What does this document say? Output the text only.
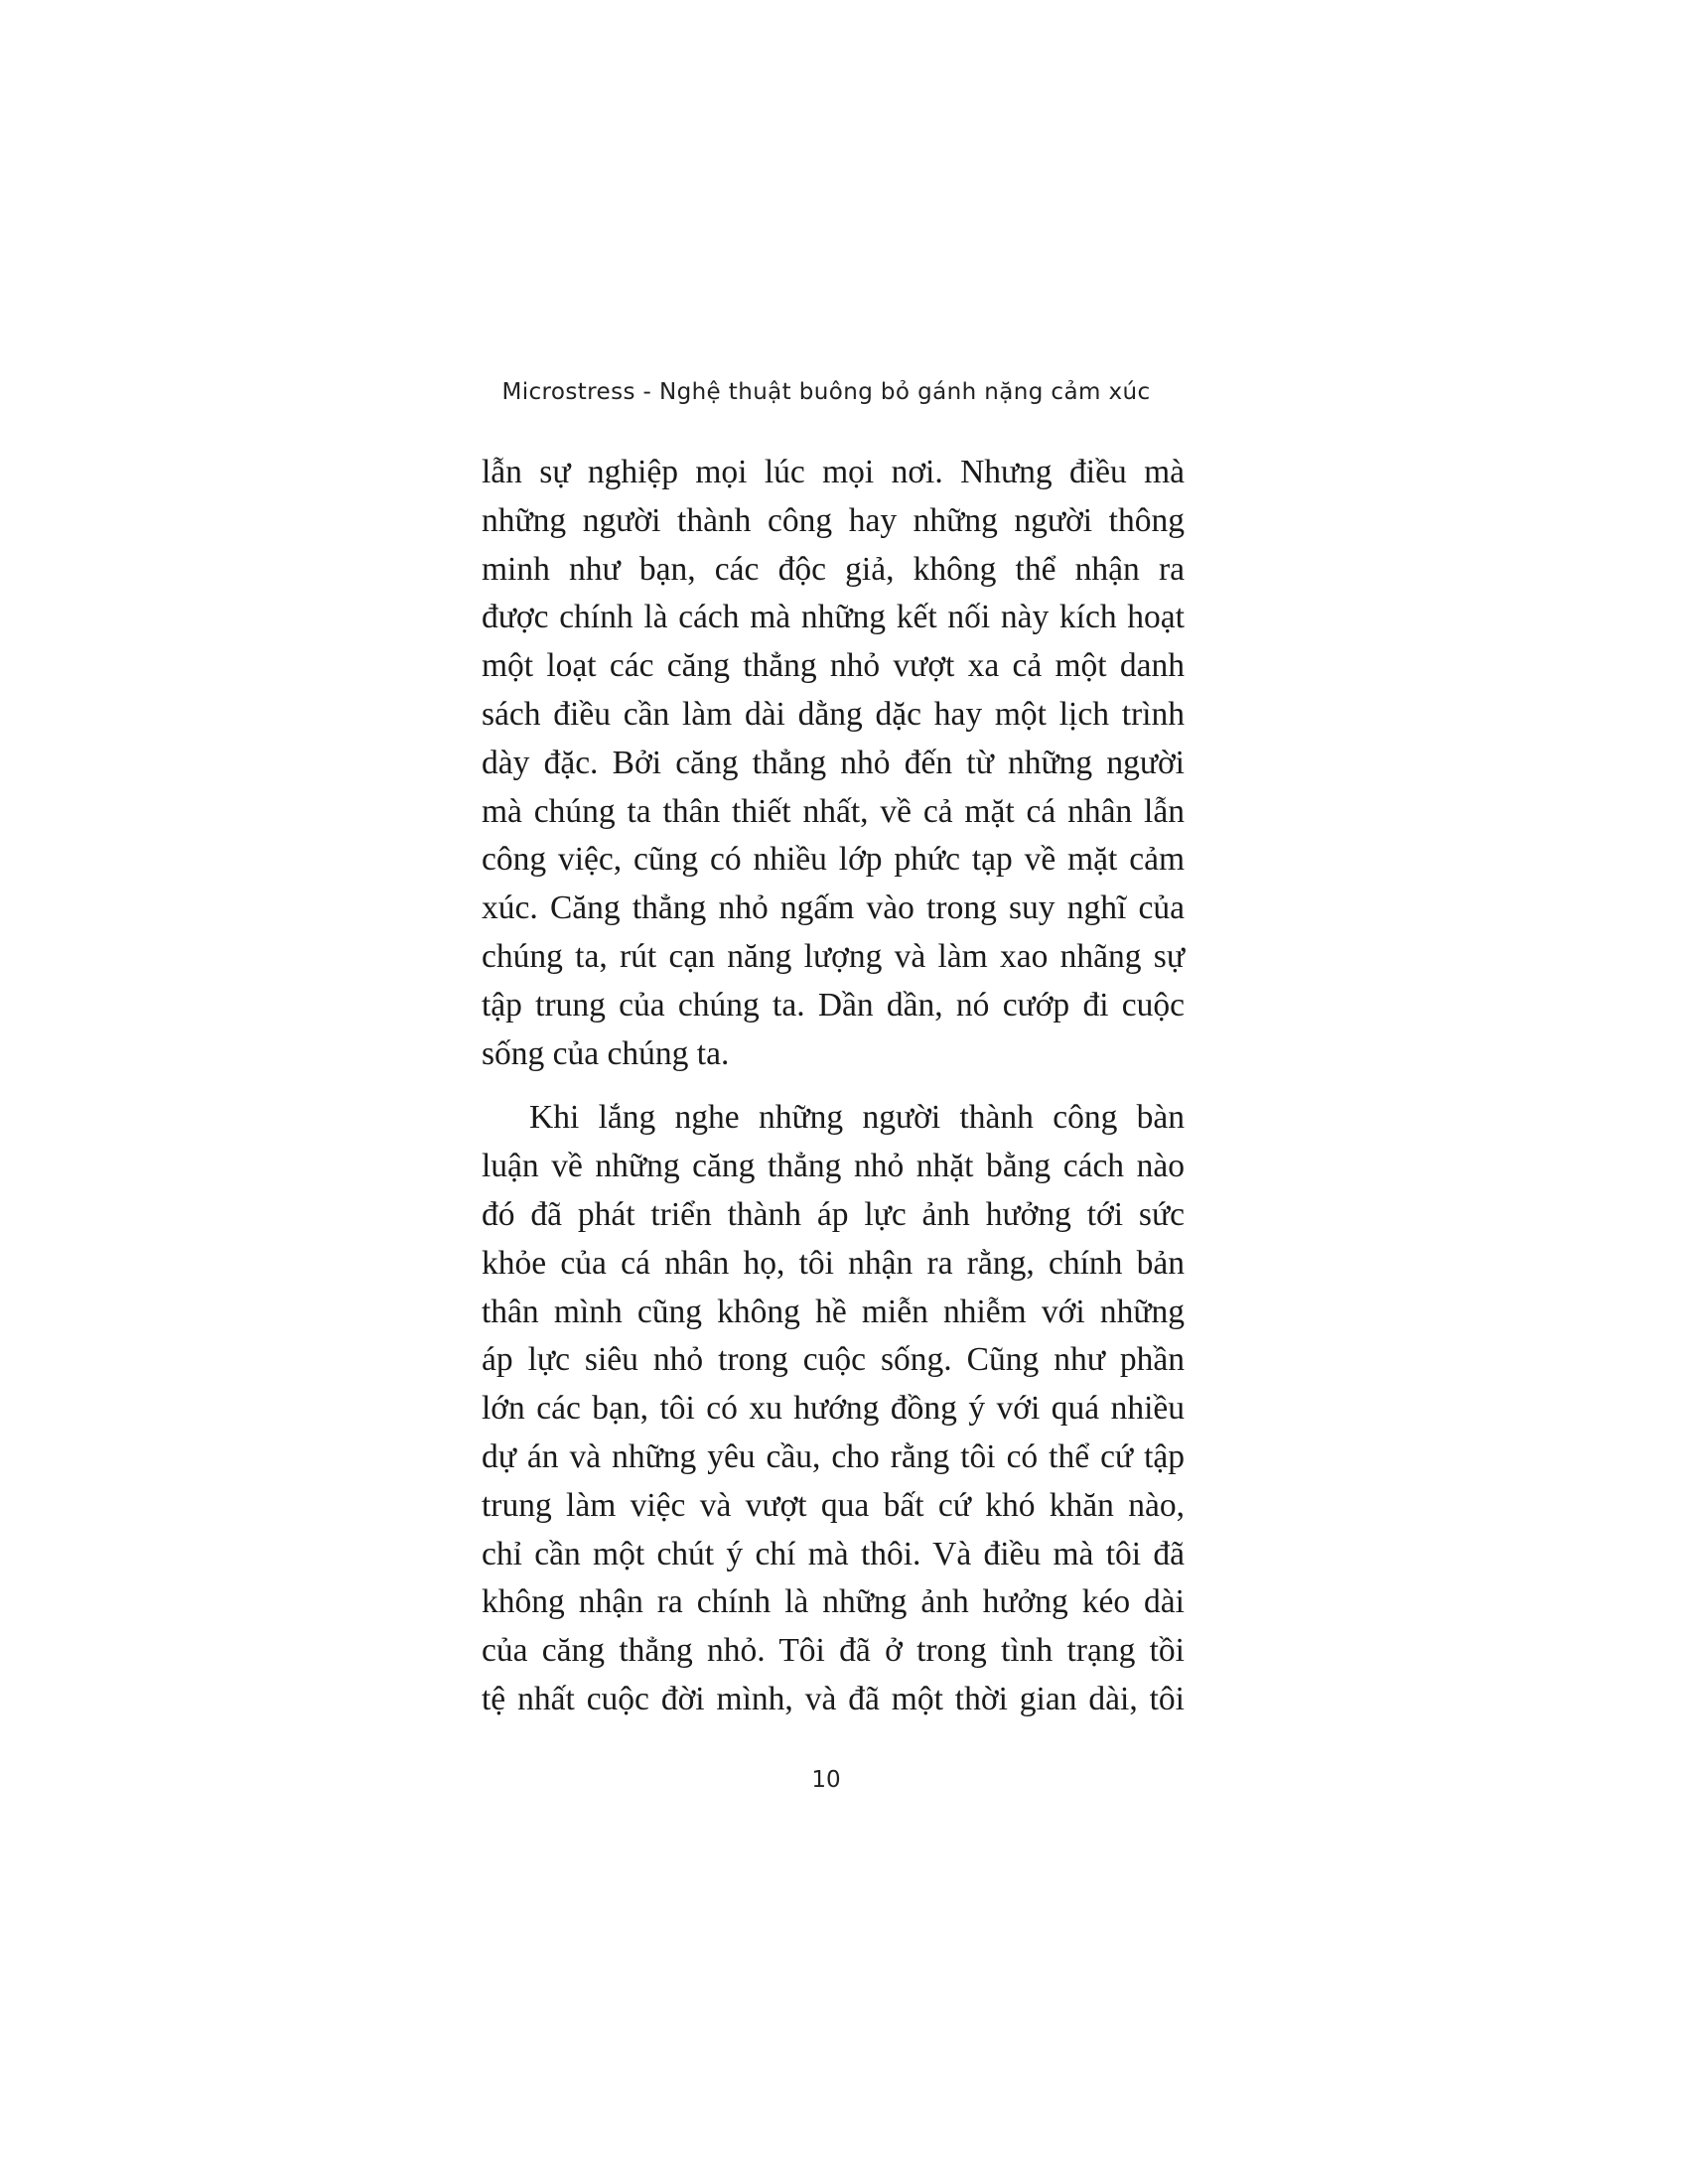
Microstress - Nghệ thuật buông bỏ gánh nặng cảm xúc
lẫn sự nghiệp mọi lúc mọi nơi. Nhưng điều mà
những người thành công hay những người thông
minh như bạn, các độc giả, không thể nhận ra
được chính là cách mà những kết nối này kích hoạt
một loạt các căng thẳng nhỏ vượt xa cả một danh
sách điều cần làm dài dằng dặc hay một lịch trình
dày đặc. Bởi căng thẳng nhỏ đến từ những người
mà chúng ta thân thiết nhất, về cả mặt cá nhân lẫn
công việc, cũng có nhiều lớp phức tạp về mặt cảm
xúc. Căng thẳng nhỏ ngấm vào trong suy nghĩ của
chúng ta, rút cạn năng lượng và làm xao nhãng sự
tập trung của chúng ta. Dần dần, nó cướp đi cuộc
sống của chúng ta.
Khi lắng nghe những người thành công bàn
luận về những căng thẳng nhỏ nhặt bằng cách nào
đó đã phát triển thành áp lực ảnh hưởng tới sức
khỏe của cá nhân họ, tôi nhận ra rằng, chính bản
thân mình cũng không hề miễn nhiễm với những
áp lực siêu nhỏ trong cuộc sống. Cũng như phần
lớn các bạn, tôi có xu hướng đồng ý với quá nhiều
dự án và những yêu cầu, cho rằng tôi có thể cứ tập
trung làm việc và vượt qua bất cứ khó khăn nào,
chỉ cần một chút ý chí mà thôi. Và điều mà tôi đã
không nhận ra chính là những ảnh hưởng kéo dài
của căng thẳng nhỏ. Tôi đã ở trong tình trạng tồi
tệ nhất cuộc đời mình, và đã một thời gian dài, tôi
10
